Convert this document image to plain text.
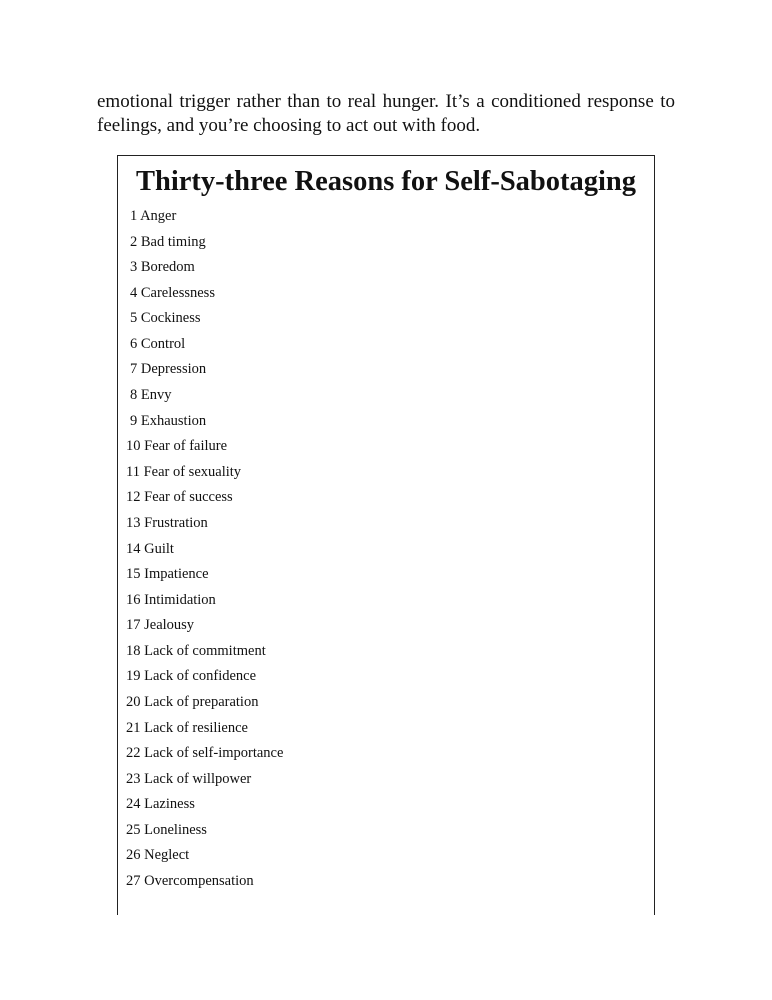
emotional trigger rather than to real hunger. It’s a conditioned response to
feelings, and you’re choosing to act out with food.

Thirty-three Reasons for Self-Sabotaging
1 Anger
2 Bad timing
3 Boredom
4 Carelessness
5 Cockiness
6 Control
7 Depression
8 Envy
9 Exhaustion
10 Fear of failure
11 Fear of sexuality
12 Fear of success
13 Frustration
14 Guilt
15 Impatience
16 Intimidation
17 Jealousy
18 Lack of commitment
19 Lack of confidence
20 Lack of preparation
21 Lack of resilience
22 Lack of self-importance
23 Lack of willpower
24 Laziness
25 Loneliness
26 Neglect
27 Overcompensation
